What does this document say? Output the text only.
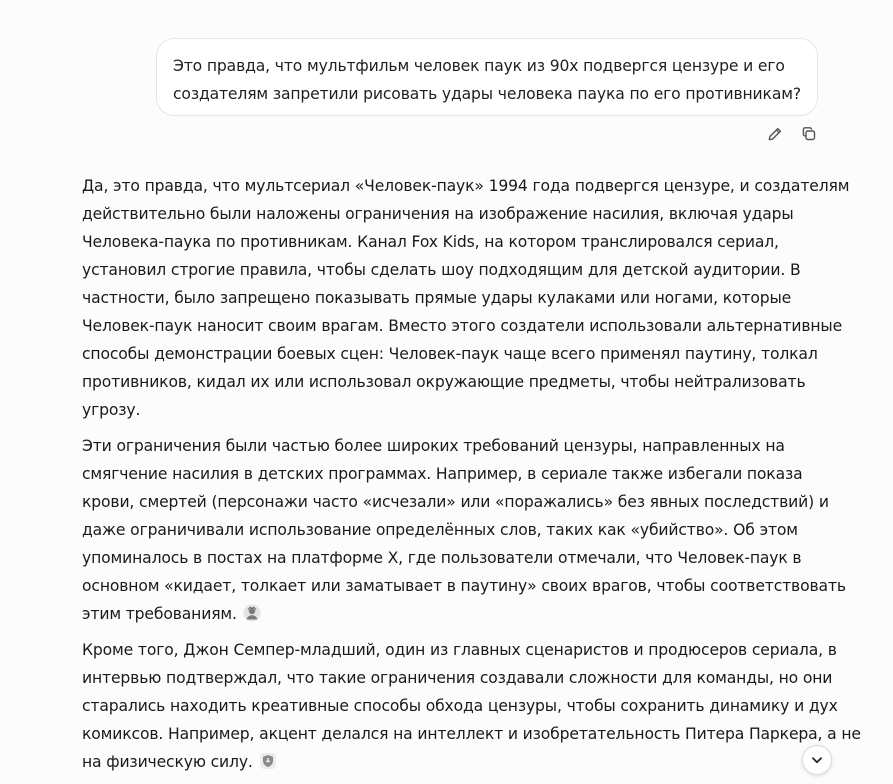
Это правда, что мультфильм человек паук из 90х подвергся цензуре и его
создателям запретили рисовать удары человека паука по его противникам?

Да, это правда, что мультсериал «Человек-паук» 1994 года подвергся цензуре, и создателям
действительно были наложены ограничения на изображение насилия, включая удары
Человека-паука по противникам. Канал Fox Kids, на котором транслировался сериал,
установил строгие правила, чтобы сделать шоу подходящим для детской аудитории. В
частности, было запрещено показывать прямые удары кулаками или ногами, которые
Человек-паук наносит своим врагам. Вместо этого создатели использовали альтернативные
способы демонстрации боевых сцен: Человек-паук чаще всего применял паутину, толкал
противников, кидал их или использовал окружающие предметы, чтобы нейтрализовать
угрозу.

Эти ограничения были частью более широких требований цензуры, направленных на
смягчение насилия в детских программах. Например, в сериале также избегали показа
крови, смертей (персонажи часто «исчезали» или «поражались» без явных последствий) и
даже ограничивали использование определённых слов, таких как «убийство». Об этом
упоминалось в постах на платформе X, где пользователи отмечали, что Человек-паук в
основном «кидает, толкает или заматывает в паутину» своих врагов, чтобы соответствовать
этим требованиям.

Кроме того, Джон Семпер-младший, один из главных сценаристов и продюсеров сериала, в
интервью подтверждал, что такие ограничения создавали сложности для команды, но они
старались находить креативные способы обхода цензуры, чтобы сохранить динамику и дух
комиксов. Например, акцент делался на интеллект и изобретательность Питера Паркера, а не
на физическую силу.
